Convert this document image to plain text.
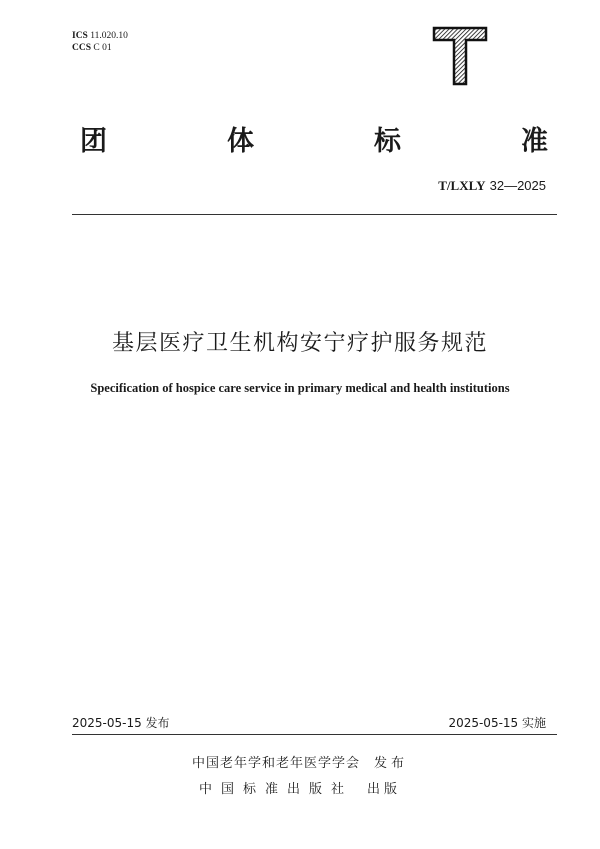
ICS 11.020.10
CCS C 01
团	体	标	准
T/LXLY 32—2025
基层医疗卫生机构安宁疗护服务规范
Specification of hospice care service in primary medical and health institutions
2025-05-15 发布	2025-05-15 实施
中国老年学和老年医学学会 发布
中国标准出版社 出版
